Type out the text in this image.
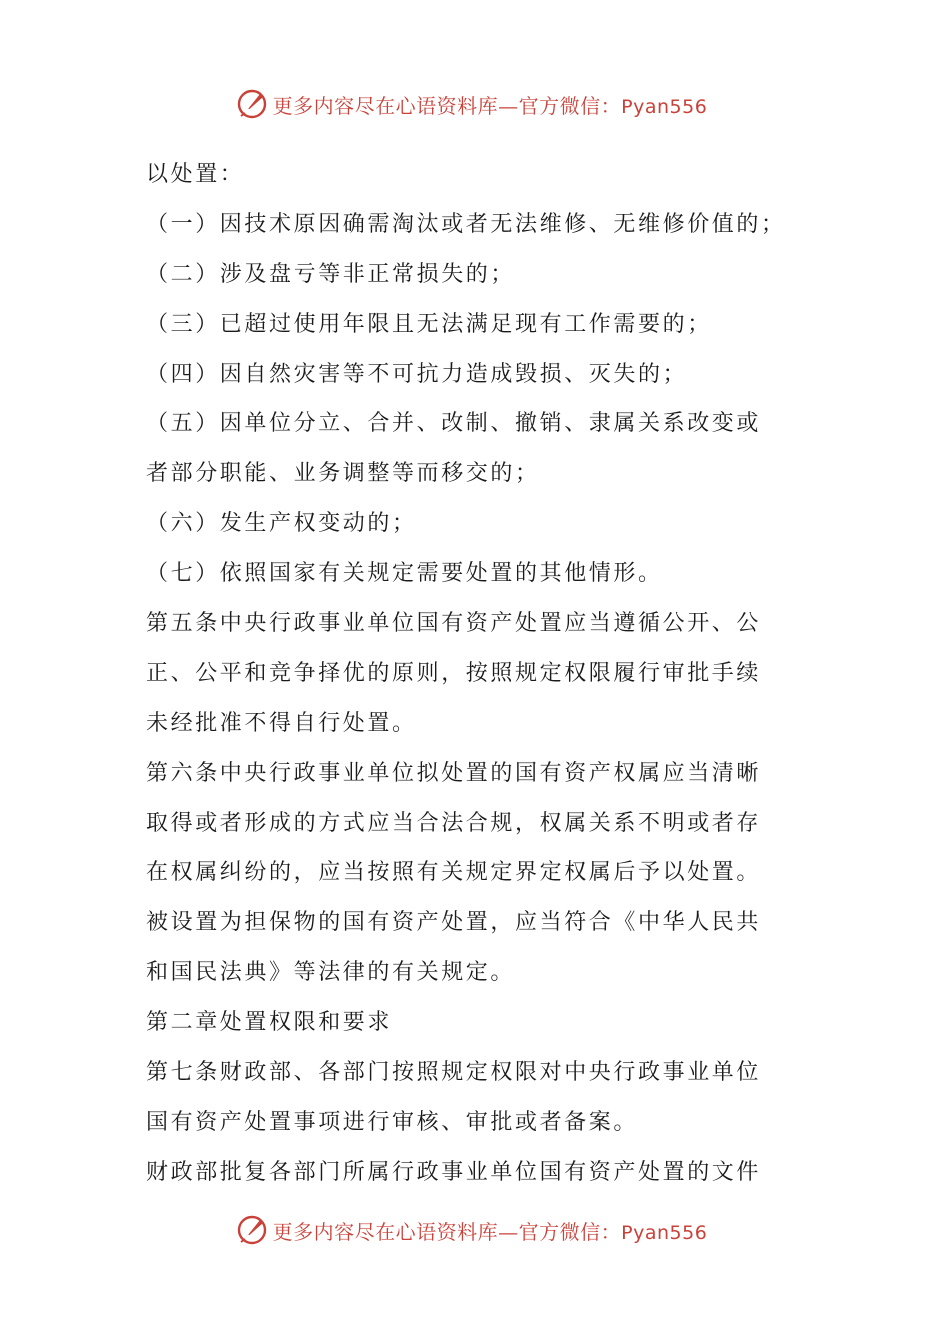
更多内容尽在心语资料库—官方微信：Pyan556
以处置：
（一）因技术原因确需淘汰或者无法维修、无维修价值的；
（二）涉及盘亏等非正常损失的；
（三）已超过使用年限且无法满足现有工作需要的；
（四）因自然灾害等不可抗力造成毁损、灭失的；
（五）因单位分立、合并、改制、撤销、隶属关系改变或
者部分职能、业务调整等而移交的；
（六）发生产权变动的；
（七）依照国家有关规定需要处置的其他情形。
第五条中央行政事业单位国有资产处置应当遵循公开、公
正、公平和竞争择优的原则，按照规定权限履行审批手续
未经批准不得自行处置。
第六条中央行政事业单位拟处置的国有资产权属应当清晰
取得或者形成的方式应当合法合规，权属关系不明或者存
在权属纠纷的，应当按照有关规定界定权属后予以处置。
被设置为担保物的国有资产处置，应当符合《中华人民共
和国民法典》等法律的有关规定。
第二章处置权限和要求
第七条财政部、各部门按照规定权限对中央行政事业单位
国有资产处置事项进行审核、审批或者备案。
财政部批复各部门所属行政事业单位国有资产处置的文件
更多内容尽在心语资料库—官方微信：Pyan556
